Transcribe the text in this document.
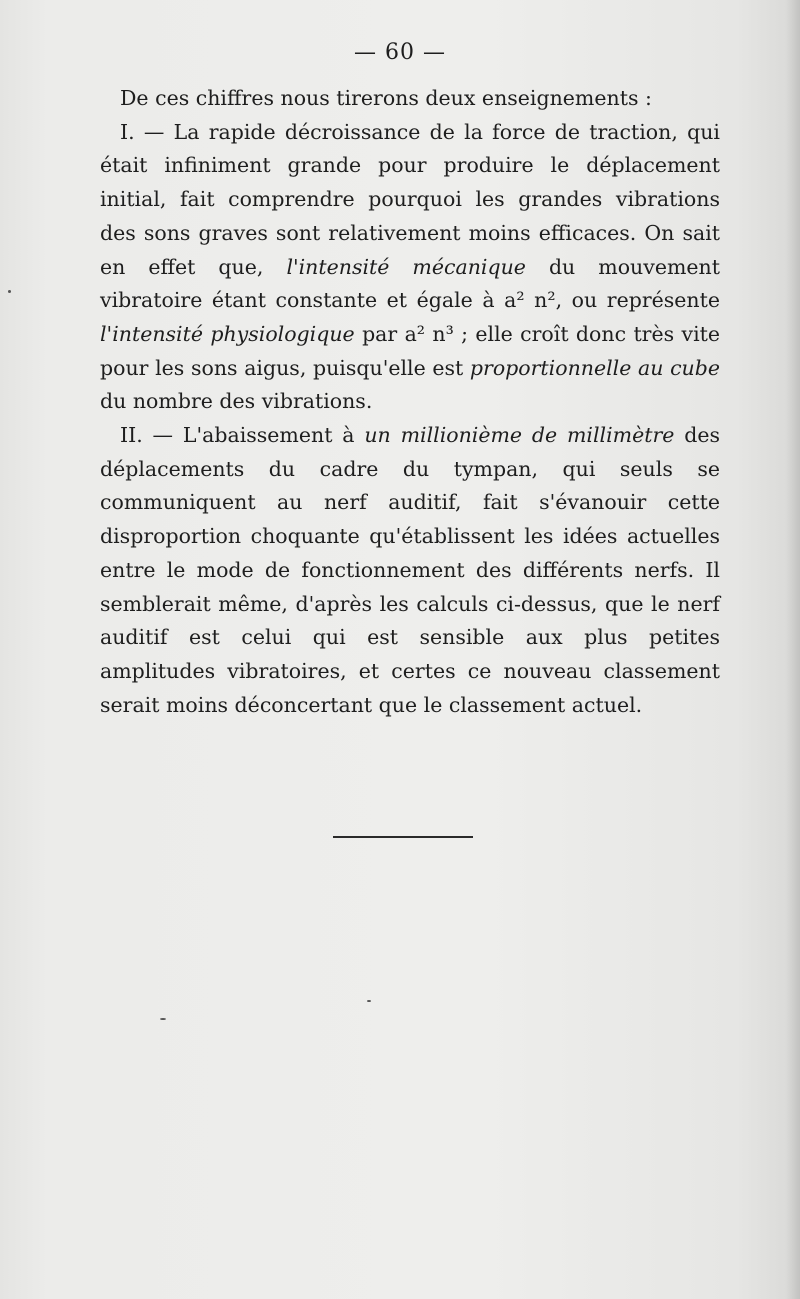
— 60 —

De ces chiffres nous tirerons deux enseignements :

I. — La rapide décroissance de la force de traction, qui était infiniment grande pour produire le déplacement initial, fait comprendre pourquoi les grandes vibrations des sons graves sont relativement moins efficaces. On sait en effet que, l'intensité mécanique du mouvement vibratoire étant constante et égale à a² n², ou représente l'intensité physiologique par a² n³ ; elle croît donc très vite pour les sons aigus, puisqu'elle est proportionnelle au cube du nombre des vibrations.

II. — L'abaissement à un millionième de millimètre des déplacements du cadre du tympan, qui seuls se communiquent au nerf auditif, fait s'évanouir cette disproportion choquante qu'établissent les idées actuelles entre le mode de fonctionnement des différents nerfs. Il semblerait même, d'après les calculs ci-dessus, que le nerf auditif est celui qui est sensible aux plus petites amplitudes vibratoires, et certes ce nouveau classement serait moins déconcertant que le classement actuel.
